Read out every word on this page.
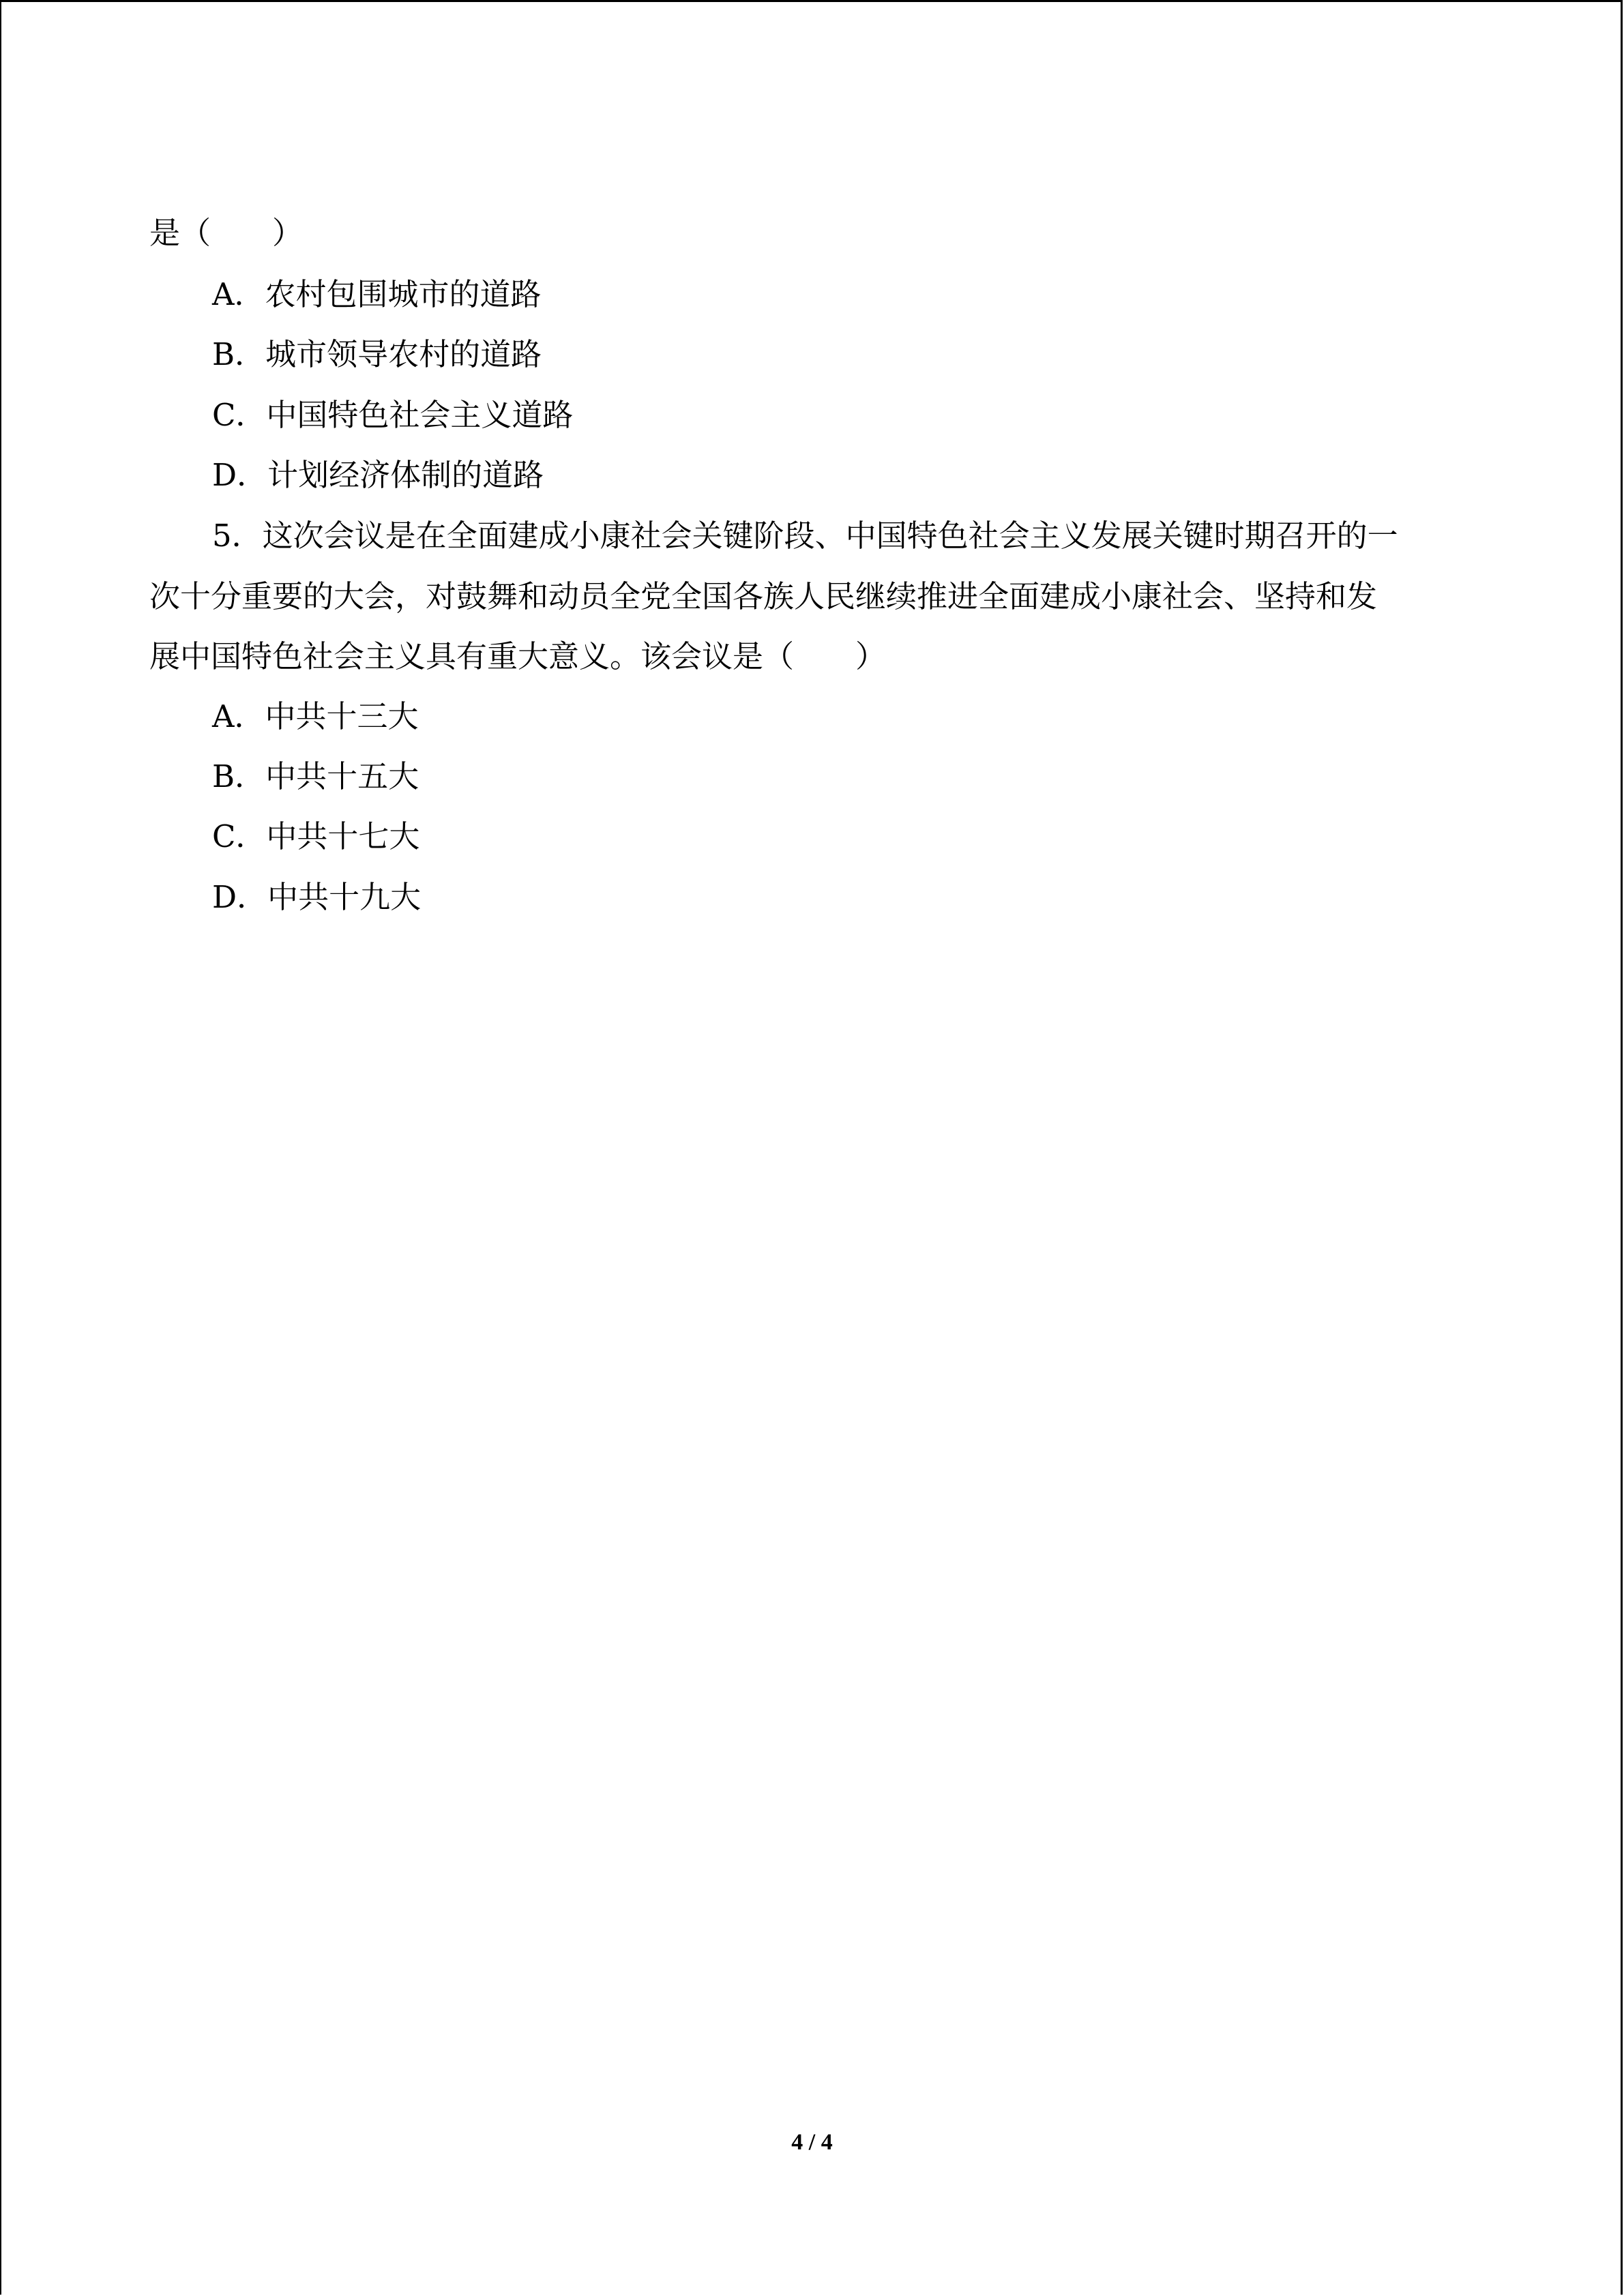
是（　　）
A．农村包围城市的道路
B．城市领导农村的道路
C．中国特色社会主义道路
D．计划经济体制的道路
5．这次会议是在全面建成小康社会关键阶段、中国特色社会主义发展关键时期召开的一
次十分重要的大会，对鼓舞和动员全党全国各族人民继续推进全面建成小康社会、坚持和发
展中国特色社会主义具有重大意义。该会议是（　　）
A．中共十三大
B．中共十五大
C．中共十七大
D．中共十九大
4 / 4
